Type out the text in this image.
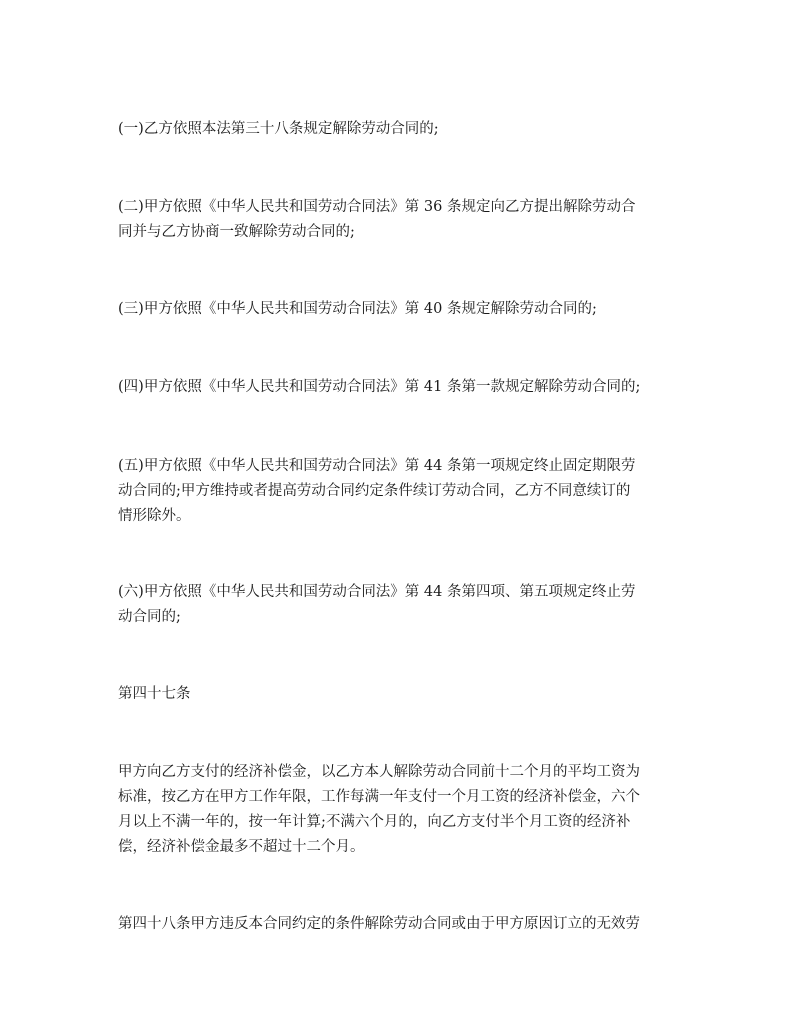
(一)乙方依照本法第三十八条规定解除劳动合同的;

(二)甲方依照《中华人民共和国劳动合同法》第 36 条规定向乙方提出解除劳动合
同并与乙方协商一致解除劳动合同的;

(三)甲方依照《中华人民共和国劳动合同法》第 40 条规定解除劳动合同的;

(四)甲方依照《中华人民共和国劳动合同法》第 41 条第一款规定解除劳动合同的;

(五)甲方依照《中华人民共和国劳动合同法》第 44 条第一项规定终止固定期限劳
动合同的;甲方维持或者提高劳动合同约定条件续订劳动合同，乙方不同意续订的
情形除外。

(六)甲方依照《中华人民共和国劳动合同法》第 44 条第四项、第五项规定终止劳
动合同的;

第四十七条

甲方向乙方支付的经济补偿金，以乙方本人解除劳动合同前十二个月的平均工资为
标准，按乙方在甲方工作年限，工作每满一年支付一个月工资的经济补偿金，六个
月以上不满一年的，按一年计算;不满六个月的，向乙方支付半个月工资的经济补
偿，经济补偿金最多不超过十二个月。

第四十八条甲方违反本合同约定的条件解除劳动合同或由于甲方原因订立的无效劳
